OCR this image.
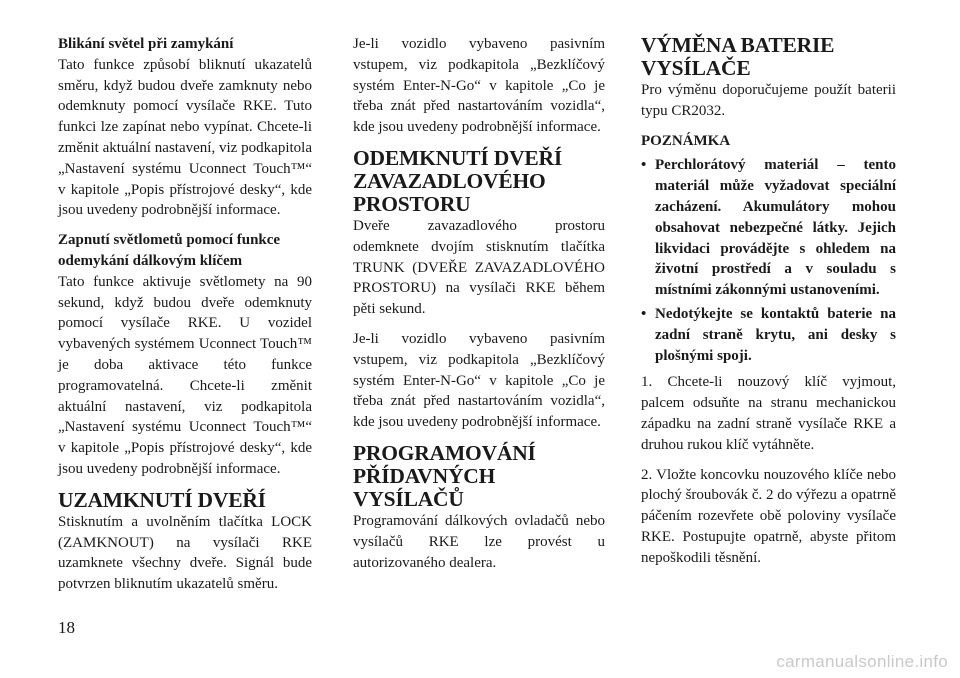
Blikání světel při zamykání

Tato funkce způsobí bliknutí ukazatelů směru, když budou dveře zamknuty nebo odemknuty pomocí vysílače RKE. Tuto funkci lze zapínat nebo vypínat. Chcete-li změnit aktuální nastavení, viz podkapitola „Nastavení systému Uconnect Touch™“ v kapitole „Popis přístrojové desky“, kde jsou uvedeny podrobnější informace.

Zapnutí světlometů pomocí funkce odemykání dálkovým klíčem

Tato funkce aktivuje světlomety na 90 sekund, když budou dveře odemknuty pomocí vysílače RKE. U vozidel vybavených systémem Uconnect Touch™ je doba aktivace této funkce programovatelná. Chcete-li změnit aktuální nastavení, viz podkapitola „Nastavení systému Uconnect Touch™“ v kapitole „Popis přístrojové desky“, kde jsou uvedeny podrobnější informace.

UZAMKNUTÍ DVEŘÍ

Stisknutím a uvolněním tlačítka LOCK (ZAMKNOUT) na vysílači RKE uzamknete všechny dveře. Signál bude potvrzen bliknutím ukazatelů směru.

Je-li vozidlo vybaveno pasivním vstupem, viz podkapitola „Bezklíčový systém Enter-N-Go“ v kapitole „Co je třeba znát před nastartováním vozidla“, kde jsou uvedeny podrobnější informace.

ODEMKNUTÍ DVEŘÍ ZAVAZADLOVÉHO PROSTORU

Dveře zavazadlového prostoru odemknete dvojím stisknutím tlačítka TRUNK (DVEŘE ZAVAZADLOVÉHO PROSTORU) na vysílači RKE během pěti sekund.

Je-li vozidlo vybaveno pasivním vstupem, viz podkapitola „Bezklíčový systém Enter-N-Go“ v kapitole „Co je třeba znát před nastartováním vozidla“, kde jsou uvedeny podrobnější informace.

PROGRAMOVÁNÍ PŘÍDAVNÝCH VYSÍLAČŮ

Programování dálkových ovladačů nebo vysílačů RKE lze provést u autorizovaného dealera.

VÝMĚNA BATERIE VYSÍLAČE

Pro výměnu doporučujeme použít baterii typu CR2032.

POZNÁMKA
• Perchlorátový materiál – tento materiál může vyžadovat speciální zacházení. Akumulátory mohou obsahovat nebezpečné látky. Jejich likvidaci provádějte s ohledem na životní prostředí a v souladu s místními zákonnými ustanoveními.
• Nedotýkejte se kontaktů baterie na zadní straně krytu, ani desky s plošnými spoji.

1. Chcete-li nouzový klíč vyjmout, palcem odsuňte na stranu mechanickou západku na zadní straně vysílače RKE a druhou rukou klíč vytáhněte.

2. Vložte koncovku nouzového klíče nebo plochý šroubovák č. 2 do výřezu a opatrně páčením rozevřete obě poloviny vysílače RKE. Postupujte opatrně, abyste přitom nepoškodili těsnění.

18
carmanualsonline.info
